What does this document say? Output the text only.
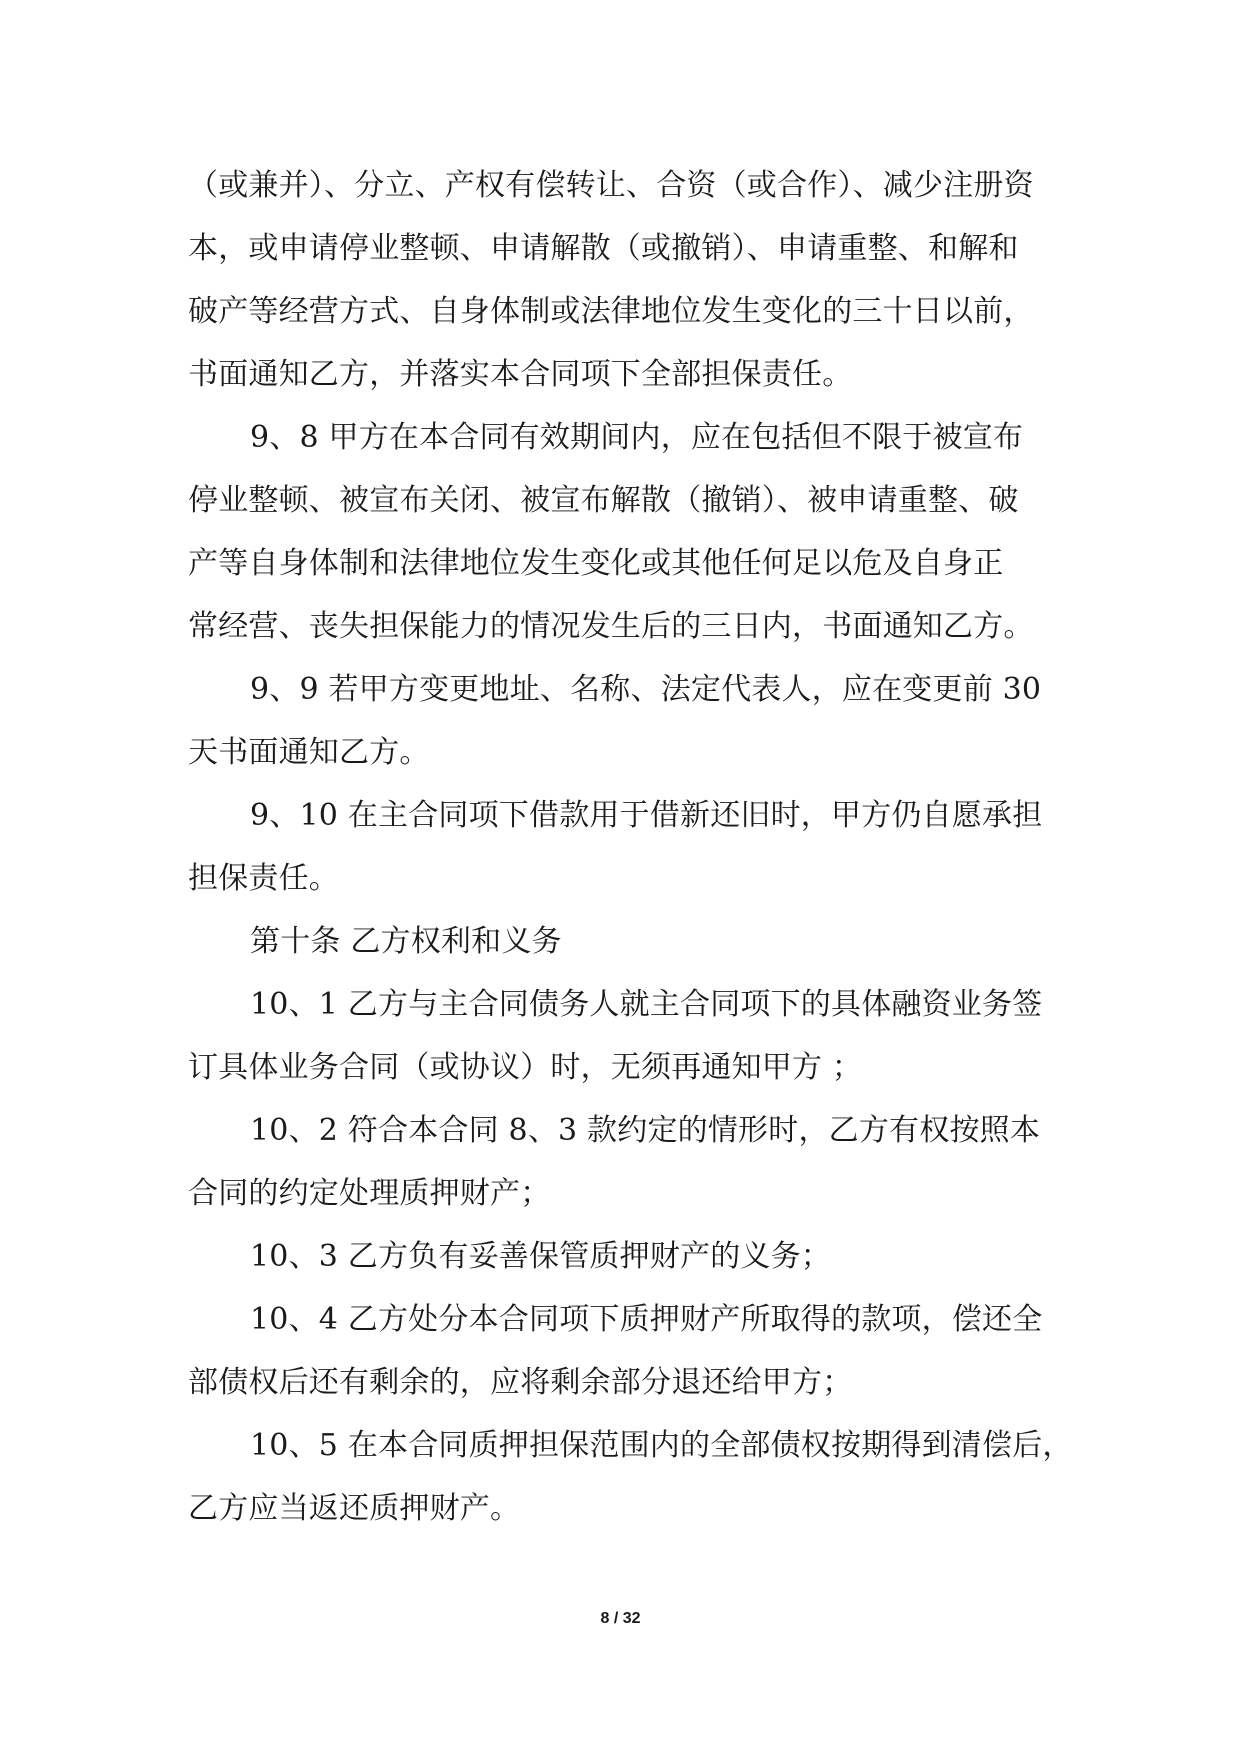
（或兼并）、分立、产权有偿转让、合资（或合作）、减少注册资
本，或申请停业整顿、申请解散（或撤销）、申请重整、和解和
破产等经营方式、自身体制或法律地位发生变化的三十日以前，
书面通知乙方，并落实本合同项下全部担保责任。
9、8 甲方在本合同有效期间内，应在包括但不限于被宣布
停业整顿、被宣布关闭、被宣布解散（撤销）、被申请重整、破
产等自身体制和法律地位发生变化或其他任何足以危及自身正
常经营、丧失担保能力的情况发生后的三日内，书面通知乙方。
9、9 若甲方变更地址、名称、法定代表人，应在变更前 30
天书面通知乙方。
9、10 在主合同项下借款用于借新还旧时，甲方仍自愿承担
担保责任。
第十条 乙方权利和义务
10、1 乙方与主合同债务人就主合同项下的具体融资业务签
订具体业务合同（或协议）时，无须再通知甲方 ；
10、2 符合本合同 8、3 款约定的情形时，乙方有权按照本
合同的约定处理质押财产；
10、3 乙方负有妥善保管质押财产的义务；
10、4 乙方处分本合同项下质押财产所取得的款项，偿还全
部债权后还有剩余的，应将剩余部分退还给甲方；
10、5 在本合同质押担保范围内的全部债权按期得到清偿后，
乙方应当返还质押财产。
8 / 32
